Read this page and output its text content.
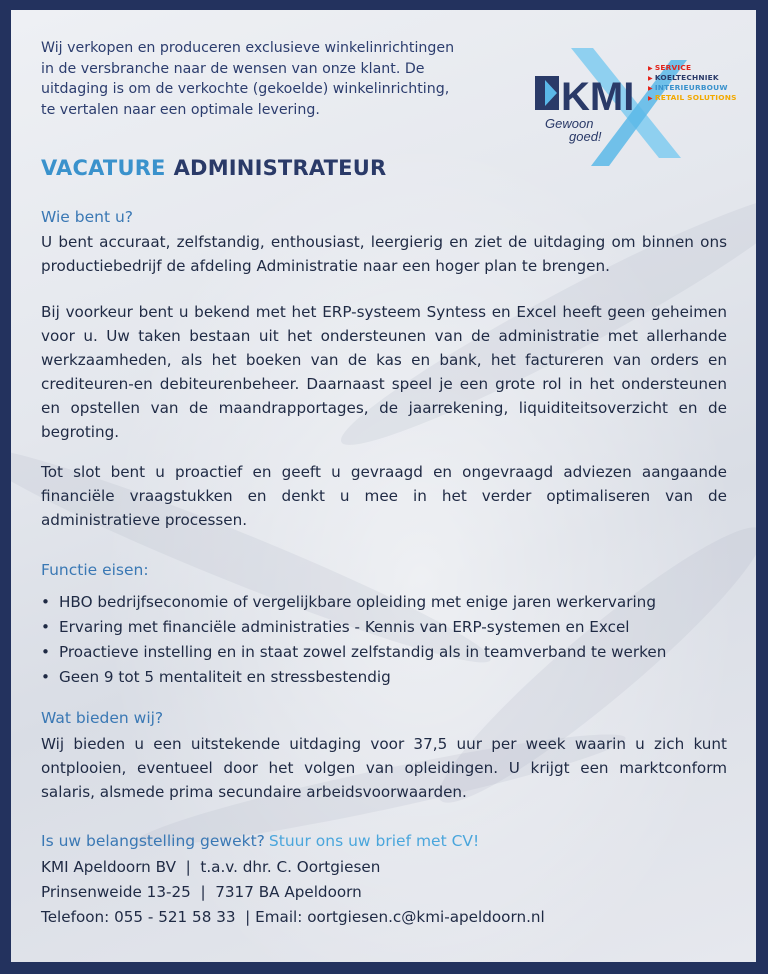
Wij verkopen en produceren exclusieve winkelinrichtingen
in de versbranche naar de wensen van onze klant. De
uitdaging is om de verkochte (gekoelde) winkelinrichting,
te vertalen naar een optimale levering.	KMI
Gewoon
goed!
▶ SERVICE
▶ KOELTECHNIEK
▶ INTERIEURBOUW
▶ RETAIL SOLUTIONS
VACATURE ADMINISTRATEUR
Wie bent u?
U bent accuraat, zelfstandig, enthousiast, leergierig en ziet de uitdaging om binnen ons productiebedrijf de afdeling Administratie naar een hoger plan te brengen.
Bij voorkeur bent u bekend met het ERP-systeem Syntess en Excel heeft geen geheimen voor u. Uw taken bestaan uit het ondersteunen van de administratie met allerhande werkzaamheden, als het boeken van de kas en bank, het factureren van orders en crediteuren-en debiteurenbeheer. Daarnaast speel je een grote rol in het ondersteunen en opstellen van de maandrapportages, de jaarrekening, liquiditeitsoverzicht en de begroting.
Tot slot bent u proactief en geeft u gevraagd en ongevraagd adviezen aangaande financiële vraagstukken en denkt u mee in het verder optimaliseren van de administratieve processen.
Functie eisen:
• HBO bedrijfseconomie of vergelijkbare opleiding met enige jaren werkervaring
• Ervaring met financiële administraties - Kennis van ERP-systemen en Excel
• Proactieve instelling en in staat zowel zelfstandig als in teamverband te werken
• Geen 9 tot 5 mentaliteit en stressbestendig
Wat bieden wij?
Wij bieden u een uitstekende uitdaging voor 37,5 uur per week waarin u zich kunt ontplooien, eventueel door het volgen van opleidingen. U krijgt een marktconform salaris, alsmede prima secundaire arbeidsvoorwaarden.
Is uw belangstelling gewekt? Stuur ons uw brief met CV!
KMI Apeldoorn BV  |  t.a.v. dhr. C. Oortgiesen
Prinsenweide 13-25  |  7317 BA Apeldoorn
Telefoon: 055 - 521 58 33  | Email: oortgiesen.c@kmi-apeldoorn.nl
